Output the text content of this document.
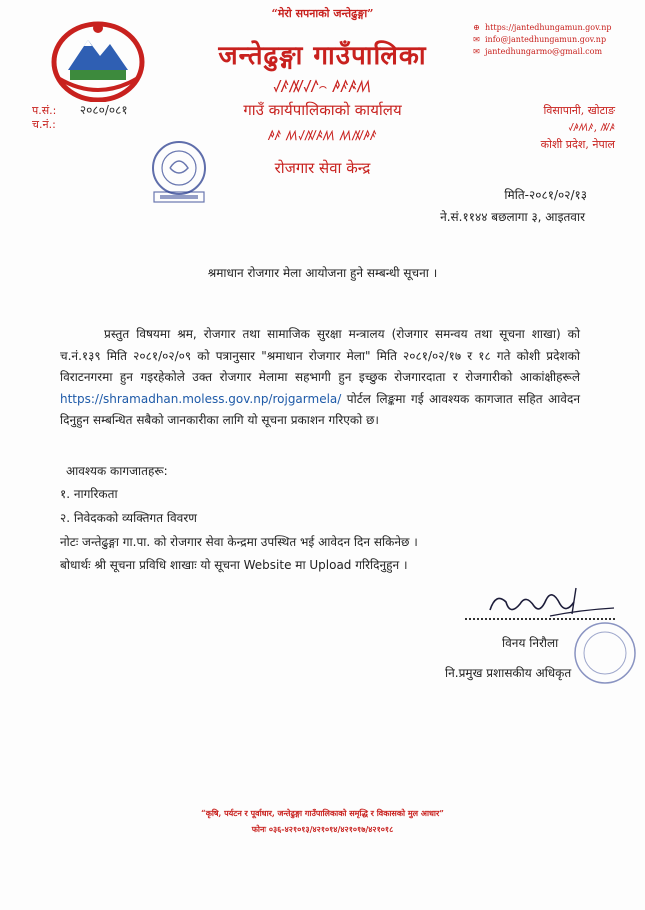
“मेरो सपनाको जन्तेढुङ्गा”
जन्तेढुङ्गा गाउँपालिका
ꤶꤰꤲꤶꤱ꤮ ꤳꤰꤴꤵ
गाउँ कार्यपालिकाको कार्यालय
ꤳꤰ ꤵꤶꤲꤴꤵ ꤵꤲꤳꤰ
रोजगार सेवा केन्द्र
⊕ https://jantedhungamun.gov.np
✉ info@jantedhungamun.gov.np
✉ jantedhungarmo@gmail.com
प.सं.: २०८०/०८१
च.नं.:
विसापानी, खोटाङ
ꤶꤳꤵꤰ, ꤲꤴ
कोशी प्रदेश, नेपाल
मिति-२०८१/०२/१३
ने.सं.११४४ बछलागा ३, आइतवार
श्रमाधान रोजगार मेला आयोजना हुने सम्बन्धी सूचना ।
प्रस्तुत विषयमा श्रम, रोजगार तथा सामाजिक सुरक्षा मन्त्रालय (रोजगार समन्वय तथा सूचना शाखा) को च.नं.१३९ मिति २०८१/०२/०९ को पत्रानुसार "श्रमाधान रोजगार मेला" मिति २०८१/०२/१७ र १८ गते कोशी प्रदेशको विराटनगरमा हुन गइरहेकोले उक्त रोजगार मेलामा सहभागी हुन इच्छुक रोजगारदाता र रोजगारीको आकांक्षीहरूले https://shramadhan.moless.gov.np/rojgarmela/ पोर्टल लिङ्कमा गई आवश्यक कागजात सहित आवेदन दिनुहुन सम्बन्धित सबैको जानकारीका लागि यो सूचना प्रकाशन गरिएको छ।
आवश्यक कागजातहरू:
१. नागरिकता
२. निवेदकको व्यक्तिगत विवरण
नोटः जन्तेढुङ्गा गा.पा. को रोजगार सेवा केन्द्रमा उपस्थित भई आवेदन दिन सकिनेछ ।
बोधार्थः श्री सूचना प्रविधि शाखाः यो सूचना Website मा Upload गरिदिनुहुन ।
विनय निरौला
नि.प्रमुख प्रशासकीय अधिकृत
“कृषि, पर्यटन र पूर्वाधार, जन्तेढुङ्गा गाउँपालिकाको समृद्धि र विकासको मुल आधार”
फोनः ०३६-४२१०१३/४२१०१४/४२१०१७/४२१०१८
